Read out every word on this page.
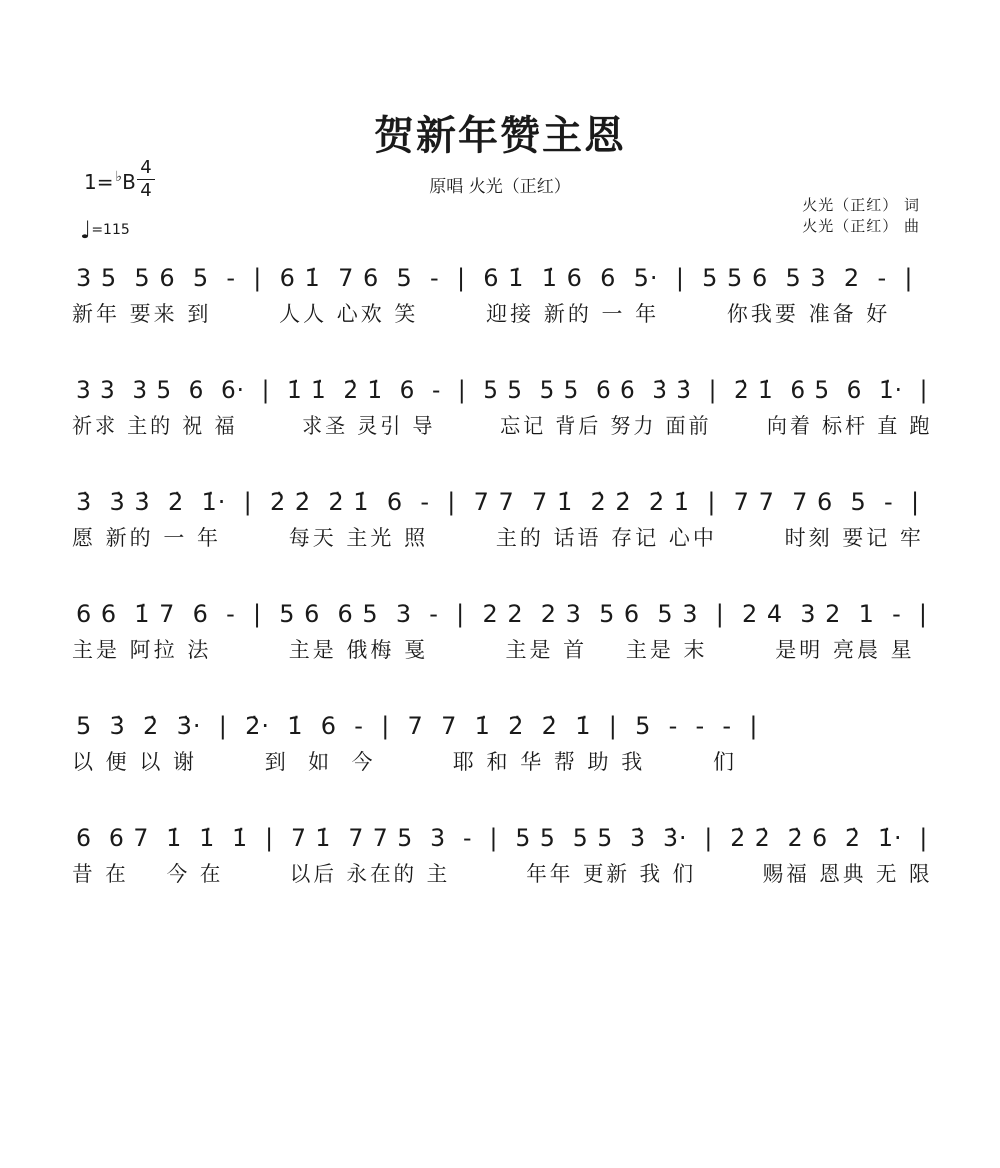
贺新年赞主恩
1= ♭B
4
4
♩=115
原唱 火光（正红）
火光（正红） 词
火光（正红） 曲
3 5  5 6  5  -  |  6 1̇  7 6  5  -  |  6 1̇  1̇ 6  6  5·  |  5 5 6  5 3  2  -  |
新年 要来 到       人人 心欢 笑       迎接 新的 一 年       你我要 准备 好
3 3  3 5  6  6·  |  1̇ 1̇  2̇ 1̇  6  -  |  5 5  5 5  6 6  3̇ 3̇  |  2̇ 1̇  6 5  6  1̇·  |
祈求 主的 祝 福       求圣 灵引 导       忘记 背后 努力 面前      向着 标杆 直 跑
3̇  3̇ 3̇  2̇  1̇·  |  2̇ 2̇  2̇ 1̇  6  -  |  7 7  7 1̇  2̇ 2̇  2̇ 1̇  |  7 7  7 6  5  -  |
愿 新的 一 年       每天 主光 照       主的 话语 存记 心中       时刻 要记 牢
6 6  1̇ 7  6  -  |  5 6  6 5  3  -  |  2 2  2 3  5 6  5 3  |  2 4  3 2  1  -  |
主是 阿拉 法        主是 俄梅 戛        主是 首    主是 末       是明 亮晨 星
5  3̇  2̇  3̇·  |  2̇·  1̇  6  -  |  7  7  1̇  2̇  2̇  1̇  |  5  -  -  -  |
以 便 以 谢       到  如  今        耶 和 华 帮 助 我       们
6  6 7  1̇  1̇  1̇  |  7 1̇  7 7 5  3  -  |  5 5  5 5  3̇  3̇·  |  2̇ 2̇  2̇ 6  2̇  1̇·  |
昔 在    今 在       以后 永在的 主        年年 更新 我 们       赐福 恩典 无 限
